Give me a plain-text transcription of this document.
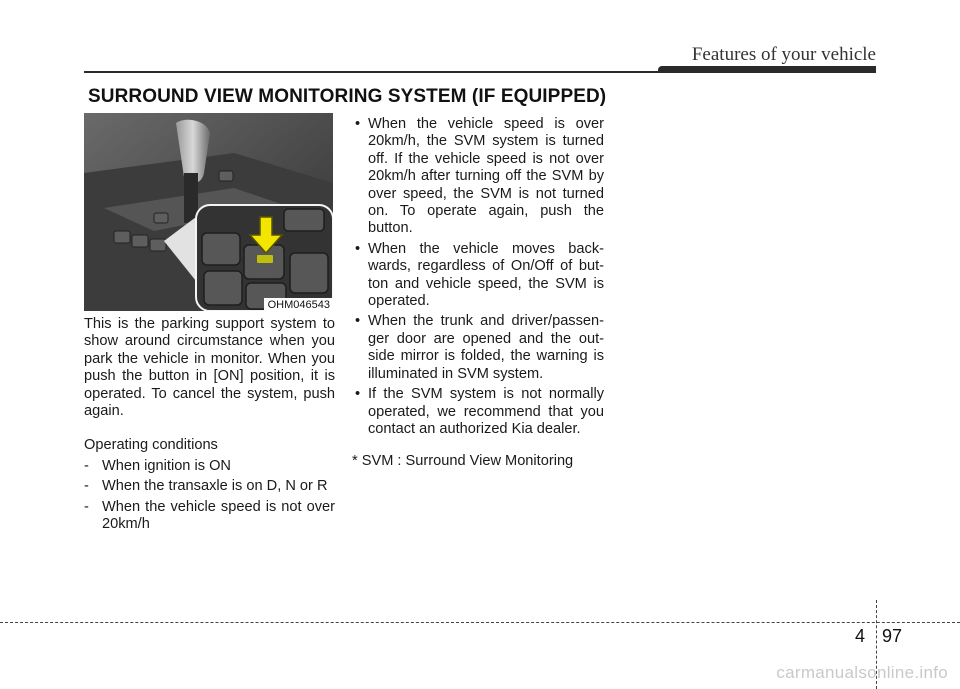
Features of your vehicle
SURROUND VIEW MONITORING SYSTEM (IF EQUIPPED)
OHM046543

This is the parking support system to show around circumstance when you park the vehicle in monitor. When you push the button in [ON] position, it is operated. To cancel the system, push again.

Operating conditions

- When ignition is ON
- When the transaxle is on D, N or R
- When the vehicle speed is not over 20km/h
• When the vehicle speed is over 20km/h, the SVM system is turned off. If the vehicle speed is not over 20km/h after turning off the SVM by over speed, the SVM is not turned on. To operate again, push the button.
• When the vehicle moves back-wards, regardless of On/Off of but-ton and vehicle speed, the SVM is operated.
• When the trunk and driver/passen-ger door are opened and the out-side mirror is folded, the warning is illuminated in SVM system.
• If the SVM system is not normally operated, we recommend that you contact an authorized Kia dealer.

* SVM : Surround View Monitoring

4 97
carmanualsonline.info
